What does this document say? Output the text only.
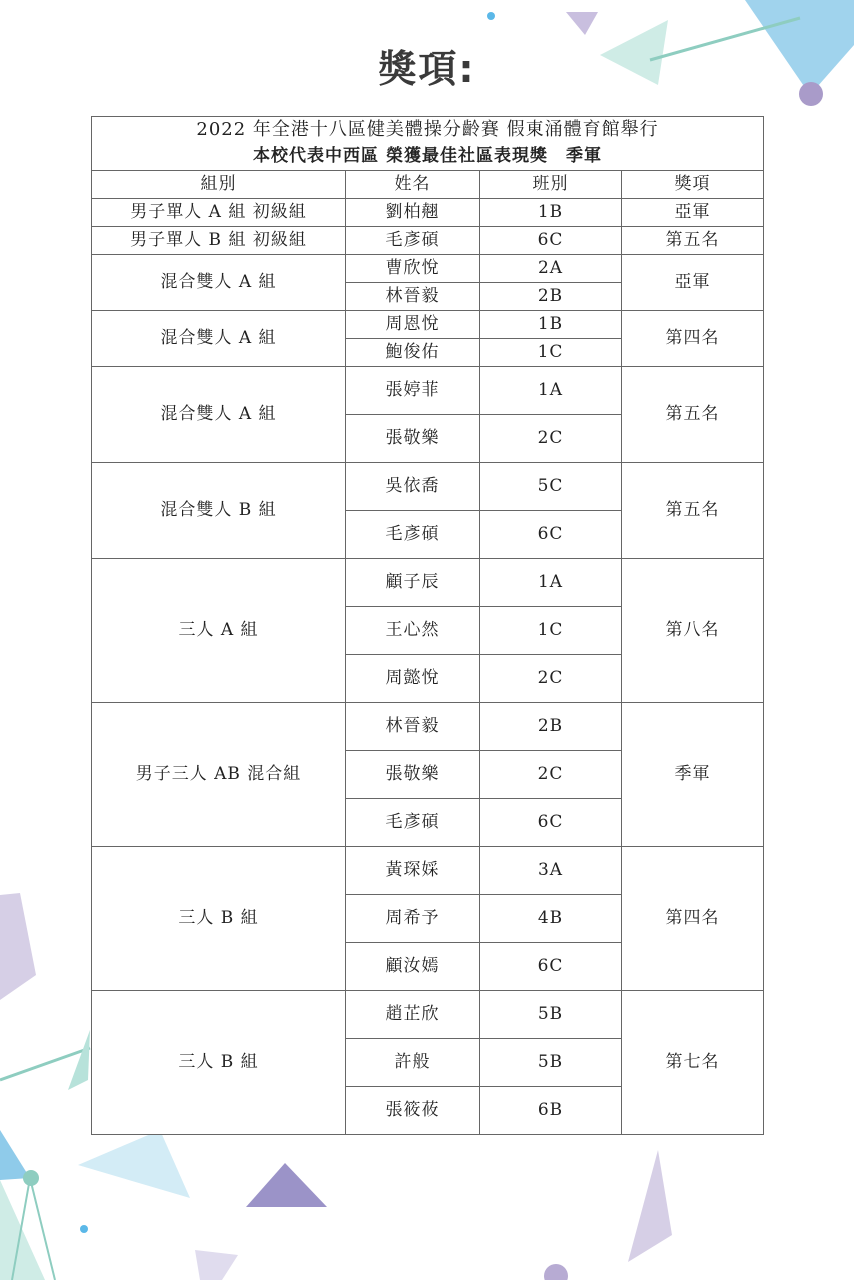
獎項:
2022 年全港十八區健美體操分齡賽 假東涌體育館舉行			
本校代表中西區 榮獲最佳社區表現獎　季軍			
組別	姓名	班別	獎項
男子單人 A 組 初級組	劉柏翹	1B	亞軍
男子單人 B 組 初級組	毛彥碩	6C	第五名
混合雙人 A 組	曹欣悅	2A	亞軍
	林晉毅	2B	
混合雙人 A 組	周恩悅	1B	第四名
	鮑俊佑	1C	
混合雙人 A 組	張婷菲	1A	第五名
	張敬樂	2C	
混合雙人 B 組	吳依喬	5C	第五名
	毛彥碩	6C	
三人 A 組	顧子辰	1A	第八名
	王心然	1C	
	周懿悅	2C	
男子三人 AB 混合組	林晉毅	2B	季軍
	張敬樂	2C	
	毛彥碩	6C	
三人 B 組	黃琛婇	3A	第四名
	周希予	4B	
	顧汝嫣	6C	
三人 B 組	趙芷欣	5B	第七名
	許般	5B	
	張筱莜	6B	
